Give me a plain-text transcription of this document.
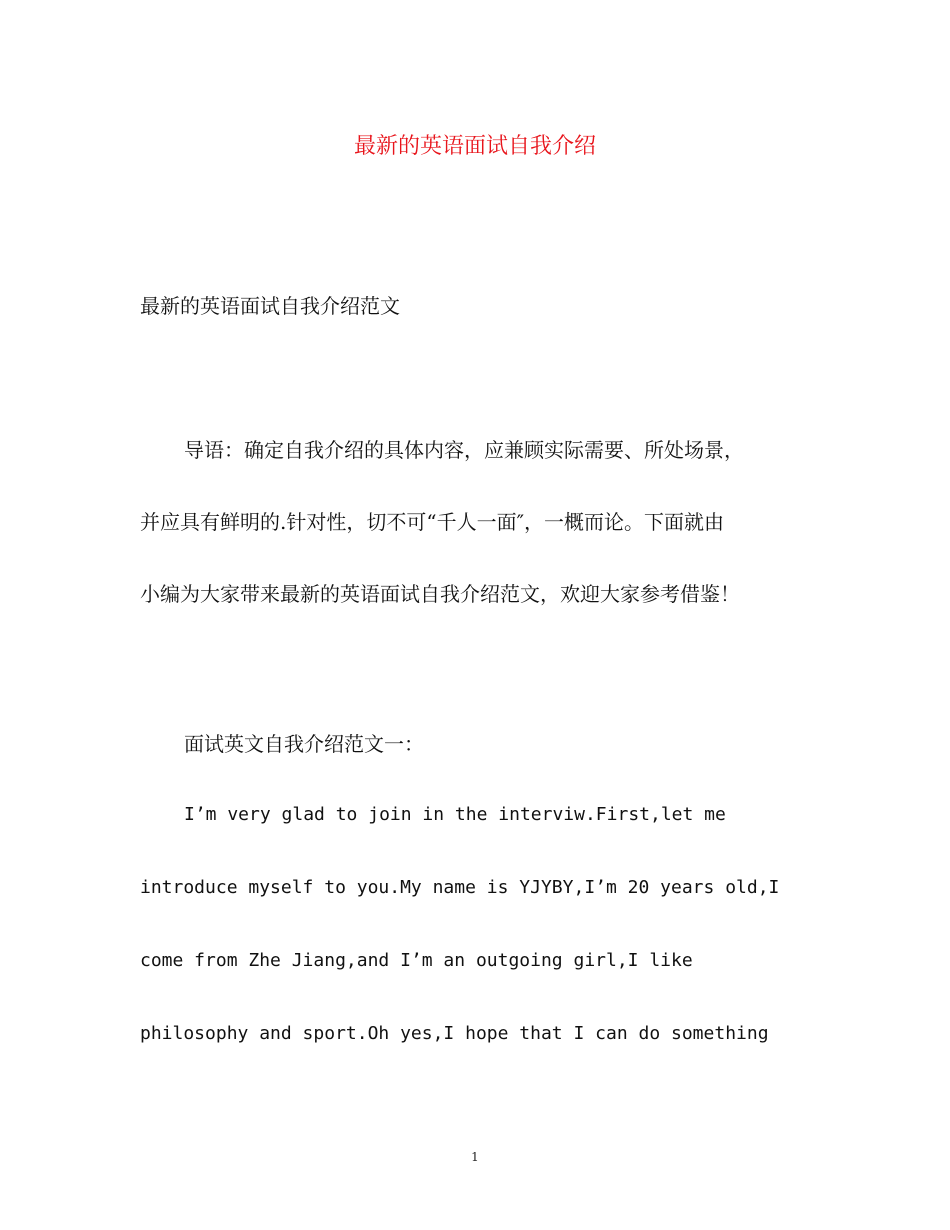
最新的英语面试自我介绍
最新的英语面试自我介绍范文
导语：确定自我介绍的具体内容，应兼顾实际需要、所处场景，
并应具有鲜明的.针对性，切不可“千人一面″，一概而论。下面就由
小编为大家带来最新的英语面试自我介绍范文，欢迎大家参考借鉴！
面试英文自我介绍范文一：
I’m very glad to join in the interviw.First,let me
introduce myself to you.My name is YJYBY,I’m 20 years old,I
come from Zhe Jiang,and I’m an outgoing girl,I like
philosophy and sport.Oh yes,I hope that I can do something
1
